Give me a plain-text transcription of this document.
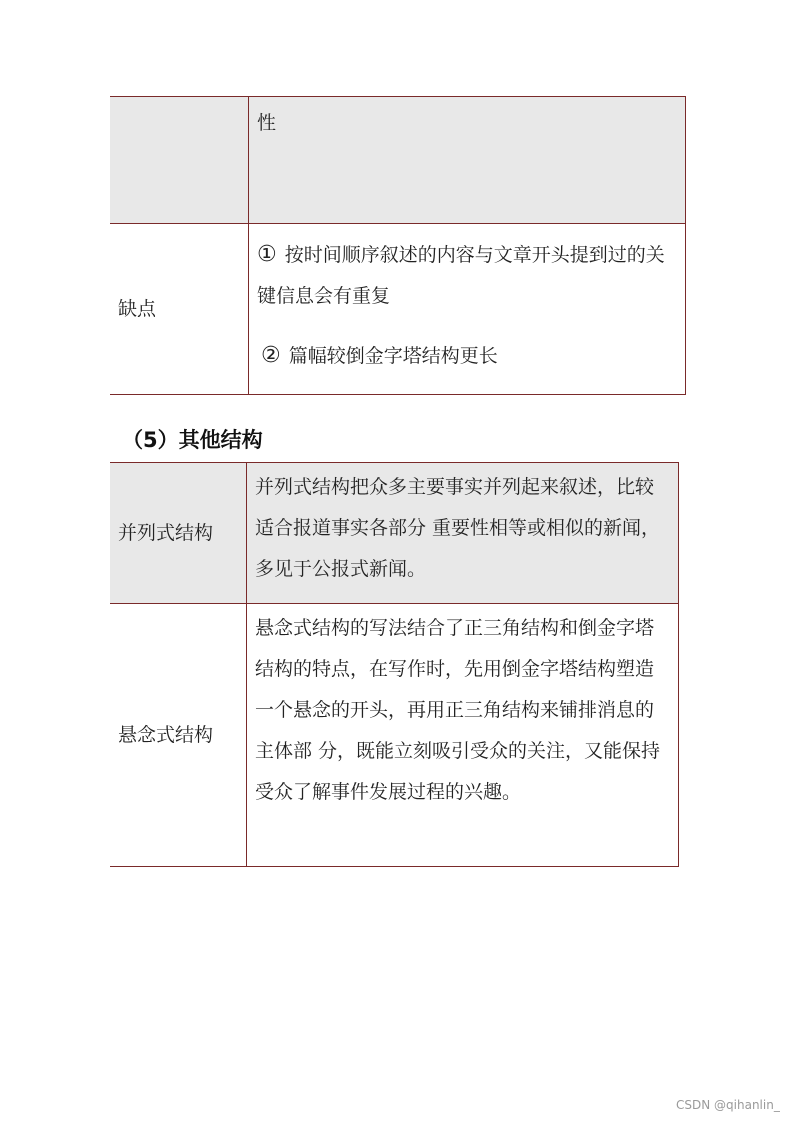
	性
缺点	① 按时间顺序叙述的内容与文章开头提到过的关键信息会有重复
② 篇幅较倒金字塔结构更长
（5）其他结构
并列式结构	并列式结构把众多主要事实并列起来叙述，比较适合报道事实各部分 重要性相等或相似的新闻，多见于公报式新闻。
悬念式结构	悬念式结构的写法结合了正三角结构和倒金字塔结构的特点，在写作时，先用倒金字塔结构塑造一个悬念的开头，再用正三角结构来铺排消息的主体部 分，既能立刻吸引受众的关注，又能保持受众了解事件发展过程的兴趣。
CSDN @qihanlin_
